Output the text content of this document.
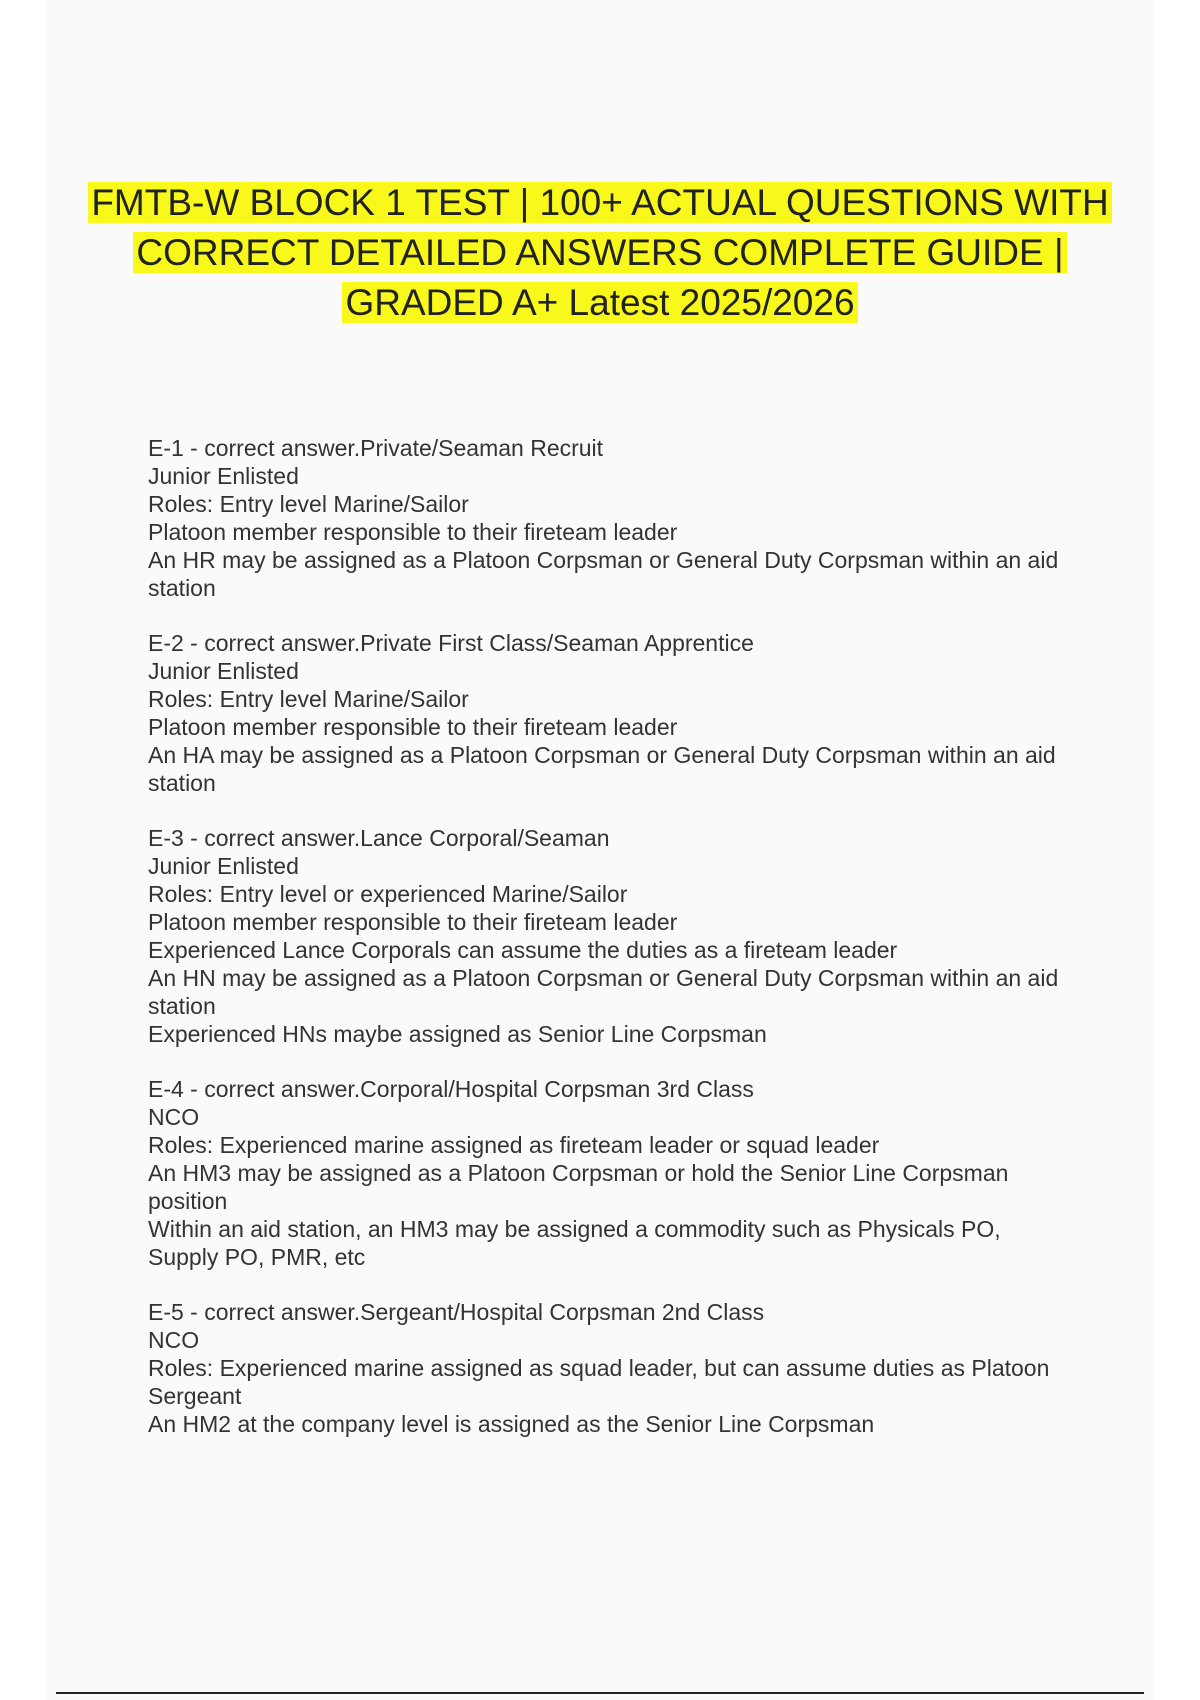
FMTB-W BLOCK 1 TEST | 100+ ACTUAL QUESTIONS WITH CORRECT DETAILED ANSWERS COMPLETE GUIDE | GRADED A+ Latest 2025/2026
E-1 - correct answer.Private/Seaman Recruit
Junior Enlisted
Roles: Entry level Marine/Sailor
Platoon member responsible to their fireteam leader
An HR may be assigned as a Platoon Corpsman or General Duty Corpsman within an aid station
E-2 - correct answer.Private First Class/Seaman Apprentice
Junior Enlisted
Roles: Entry level Marine/Sailor
Platoon member responsible to their fireteam leader
An HA may be assigned as a Platoon Corpsman or General Duty Corpsman within an aid station
E-3 - correct answer.Lance Corporal/Seaman
Junior Enlisted
Roles: Entry level or experienced Marine/Sailor
Platoon member responsible to their fireteam leader
Experienced Lance Corporals can assume the duties as a fireteam leader
An HN may be assigned as a Platoon Corpsman or General Duty Corpsman within an aid station
Experienced HNs maybe assigned as Senior Line Corpsman
E-4 - correct answer.Corporal/Hospital Corpsman 3rd Class
NCO
Roles: Experienced marine assigned as fireteam leader or squad leader
An HM3 may be assigned as a Platoon Corpsman or hold the Senior Line Corpsman position
Within an aid station, an HM3 may be assigned a commodity such as Physicals PO, Supply PO, PMR, etc
E-5 - correct answer.Sergeant/Hospital Corpsman 2nd Class
NCO
Roles: Experienced marine assigned as squad leader, but can assume duties as Platoon Sergeant
An HM2 at the company level is assigned as the Senior Line Corpsman
